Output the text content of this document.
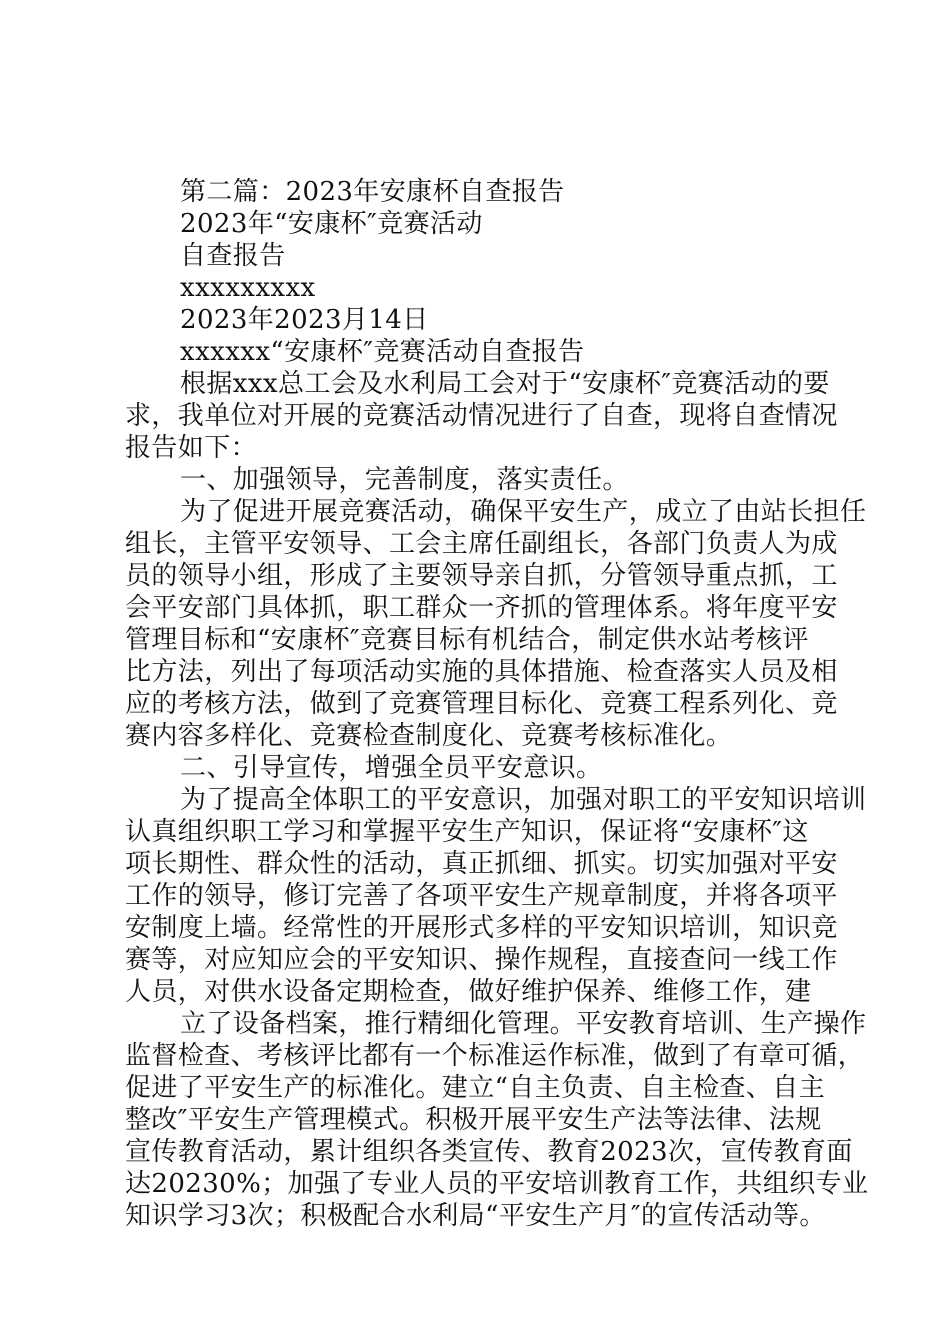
第二篇：2023年安康杯自查报告

2023年“安康杯″竞赛活动

自查报告

xxxxxxxxx

2023年2023月14日

xxxxxx“安康杯″竞赛活动自查报告

根据xxx总工会及水利局工会对于“安康杯″竞赛活动的要

求，我单位对开展的竞赛活动情况进行了自查，现将自查情况

报告如下：

一、加强领导，完善制度，落实责任。

为了促进开展竞赛活动，确保平安生产，成立了由站长担任

组长，主管平安领导、工会主席任副组长，各部门负责人为成

员的领导小组，形成了主要领导亲自抓，分管领导重点抓，工

会平安部门具体抓，职工群众一齐抓的管理体系。将年度平安

管理目标和“安康杯″竞赛目标有机结合，制定供水站考核评

比方法，列出了每项活动实施的具体措施、检查落实人员及相

应的考核方法，做到了竞赛管理目标化、竞赛工程系列化、竞

赛内容多样化、竞赛检查制度化、竞赛考核标准化。

二、引导宣传，增强全员平安意识。

为了提高全体职工的平安意识，加强对职工的平安知识培训

认真组织职工学习和掌握平安生产知识，保证将“安康杯″这

项长期性、群众性的活动，真正抓细、抓实。切实加强对平安

工作的领导，修订完善了各项平安生产规章制度，并将各项平

安制度上墙。经常性的开展形式多样的平安知识培训，知识竞

赛等，对应知应会的平安知识、操作规程，直接查问一线工作

人员，对供水设备定期检查，做好维护保养、维修工作，建

立了设备档案，推行精细化管理。平安教育培训、生产操作

监督检查、考核评比都有一个标准运作标准，做到了有章可循，

促进了平安生产的标准化。建立“自主负责、自主检查、自主

整改″平安生产管理模式。积极开展平安生产法等法律、法规

宣传教育活动，累计组织各类宣传、教育2023次，宣传教育面

达20230%；加强了专业人员的平安培训教育工作，共组织专业

知识学习3次；积极配合水利局“平安生产月″的宣传活动等。
